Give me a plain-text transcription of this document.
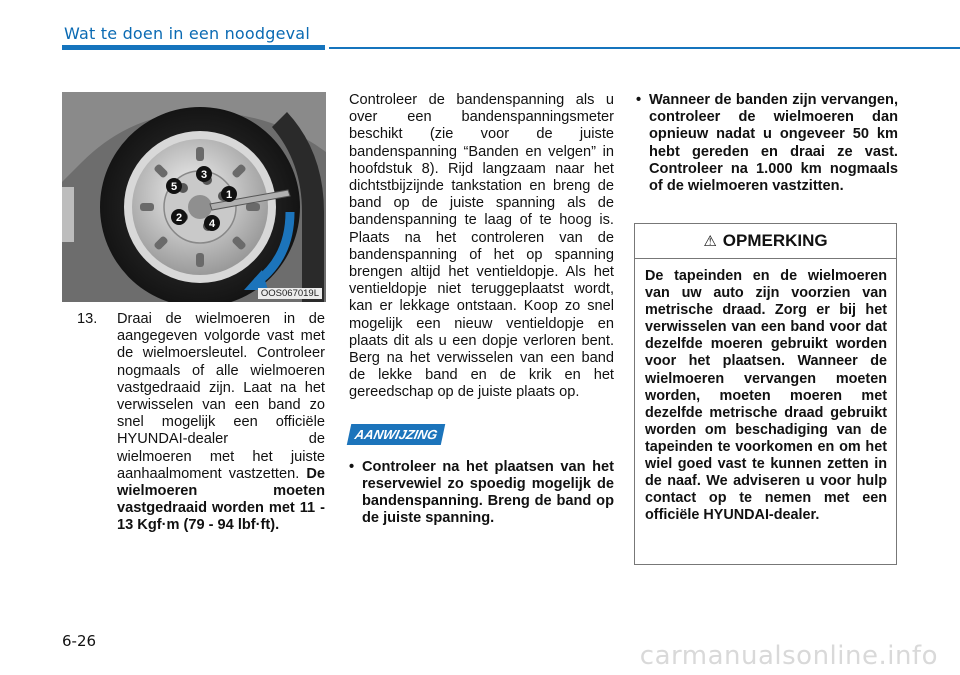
Wat te doen in een noodgeval
1
2
3
4
5
OOS067019L
13.	Draai de wielmoeren in de aangegeven volgorde vast met de wielmoersleutel. Controleer nogmaals of alle wielmoeren vastgedraaid zijn. Laat na het verwisselen van een band zo snel mogelijk een officiële HYUNDAI-dealer de wielmoeren met het juiste aanhaalmoment vastzetten. De wielmoeren moeten vastgedraaid worden met 11 - 13 Kgf·m (79 - 94 lbf·ft).

Controleer de bandenspanning als u over een bandenspanningsmeter beschikt (zie voor de juiste bandenspanning “Banden en velgen” in hoofdstuk 8). Rijd langzaam naar het dichtstbijzijnde tankstation en breng de band op de juiste spanning als de bandenspanning te laag of te hoog is. Plaats na het controleren van de bandenspanning of het op spanning brengen altijd het ventieldopje. Als het ventieldopje niet teruggeplaatst wordt, kan er lekkage ontstaan. Koop zo snel mogelijk een nieuw ventieldopje en plaats dit als u een dopje verloren bent. Berg na het verwisselen van een band de lekke band en de krik en het gereedschap op de juiste plaats op.

AANWIJZING
• Controleer na het plaatsen van het reservewiel zo spoedig mogelijk de bandenspanning. Breng de band op de juiste spanning.
• Wanneer de banden zijn vervangen, controleer de wielmoeren dan opnieuw nadat u ongeveer 50 km hebt gereden en draai ze vast. Controleer na 1.000 km nogmaals of de wielmoeren vastzitten.
⚠ OPMERKING
De tapeinden en de wielmoeren van uw auto zijn voorzien van metrische draad. Zorg er bij het verwisselen van een band voor dat dezelfde moeren gebruikt worden voor het plaatsen. Wanneer de wielmoeren vervangen moeten worden, moeten moeren met dezelfde metrische draad gebruikt worden om beschadiging van de tapeinden te voorkomen en om het wiel goed vast te kunnen zetten in de naaf. We adviseren u voor hulp contact op te nemen met een officiële HYUNDAI-dealer.
6-26	carmanualsonline.info
